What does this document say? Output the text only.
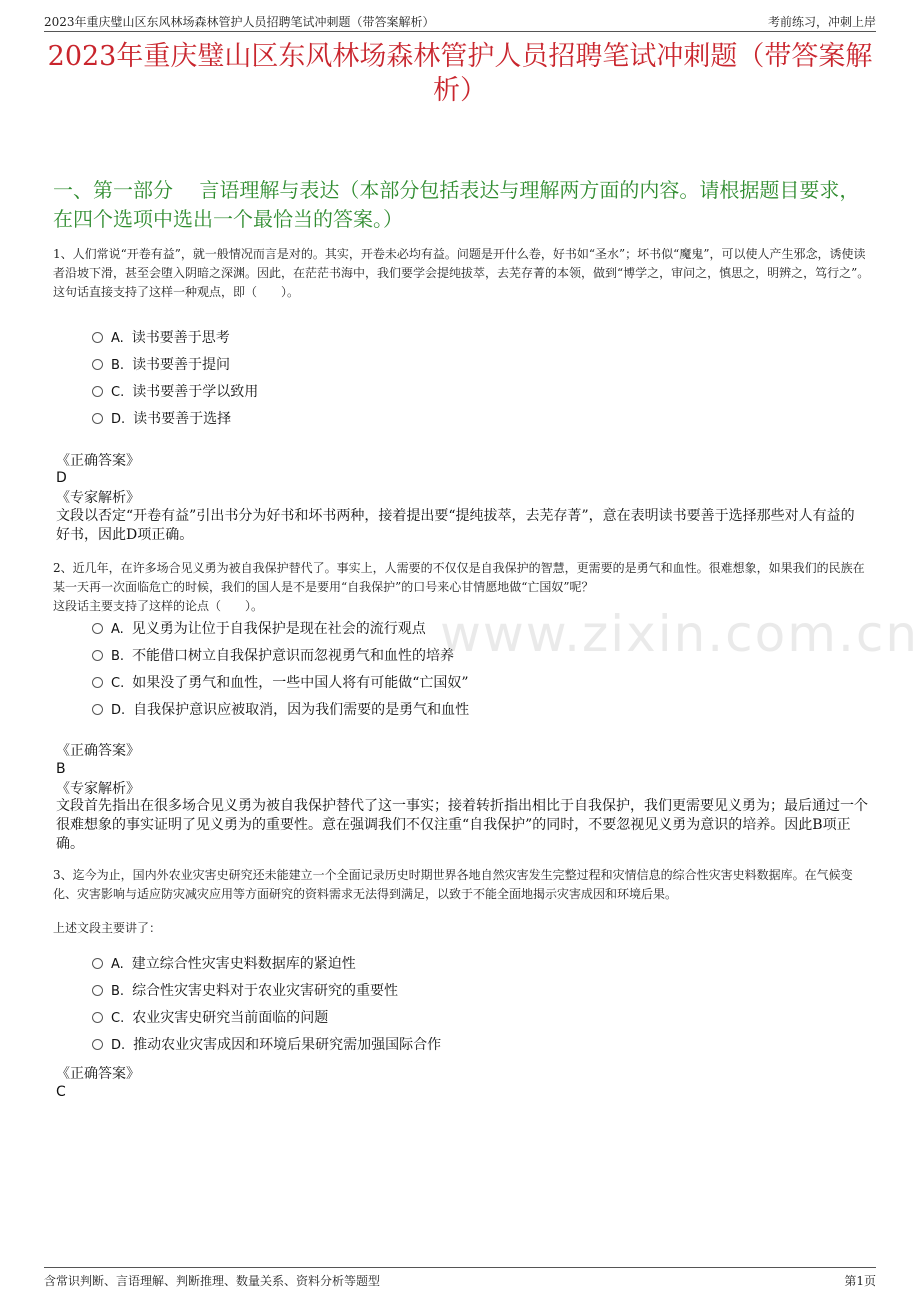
2023年重庆璧山区东风林场森林管护人员招聘笔试冲刺题（带答案解析）	考前练习，冲刺上岸
www.zixin.com.cn
2023年重庆璧山区东风林场森林管护人员招聘笔试冲刺题（带答案解析）
一、第一部分　 言语理解与表达（本部分包括表达与理解两方面的内容。请根据题目要求，在四个选项中选出一个最恰当的答案。）
1、人们常说“开卷有益”，就一般情况而言是对的。其实，开卷未必均有益。问题是开什么卷，好书如“圣水”；坏书似“魔鬼”，可以使人产生邪念，诱使读者沿坡下滑，甚至会堕入阴暗之深渊。因此，在茫茫书海中，我们要学会提纯拔萃，去芜存菁的本领，做到“博学之，审问之，慎思之，明辨之，笃行之”。
这句话直接支持了这样一种观点，即（　　）。
A. 读书要善于思考
B. 读书要善于提问
C. 读书要善于学以致用
D. 读书要善于选择
《正确答案》
D
《专家解析》
文段以否定“开卷有益”引出书分为好书和坏书两种，接着提出要“提纯拔萃，去芜存菁”，意在表明读书要善于选择那些对人有益的好书，因此D项正确。
2、近几年，在许多场合见义勇为被自我保护替代了。事实上，人需要的不仅仅是自我保护的智慧，更需要的是勇气和血性。很难想象，如果我们的民族在某一天再一次面临危亡的时候，我们的国人是不是要用“自我保护”的口号来心甘情愿地做“亡国奴”呢？
这段话主要支持了这样的论点（　　）。
A. 见义勇为让位于自我保护是现在社会的流行观点
B. 不能借口树立自我保护意识而忽视勇气和血性的培养
C. 如果没了勇气和血性，一些中国人将有可能做“亡国奴”
D. 自我保护意识应被取消，因为我们需要的是勇气和血性
《正确答案》
B
《专家解析》
文段首先指出在很多场合见义勇为被自我保护替代了这一事实；接着转折指出相比于自我保护，我们更需要见义勇为；最后通过一个很难想象的事实证明了见义勇为的重要性。意在强调我们不仅注重“自我保护”的同时，不要忽视见义勇为意识的培养。因此B项正确。
3、迄今为止，国内外农业灾害史研究还未能建立一个全面记录历史时期世界各地自然灾害发生完整过程和灾情信息的综合性灾害史料数据库。在气候变化、灾害影响与适应防灾减灾应用等方面研究的资料需求无法得到满足，以致于不能全面地揭示灾害成因和环境后果。
上述文段主要讲了：
A. 建立综合性灾害史料数据库的紧迫性
B. 综合性灾害史料对于农业灾害研究的重要性
C. 农业灾害史研究当前面临的问题
D. 推动农业灾害成因和环境后果研究需加强国际合作
《正确答案》
C
含常识判断、言语理解、判断推理、数量关系、资料分析等题型	第1页
